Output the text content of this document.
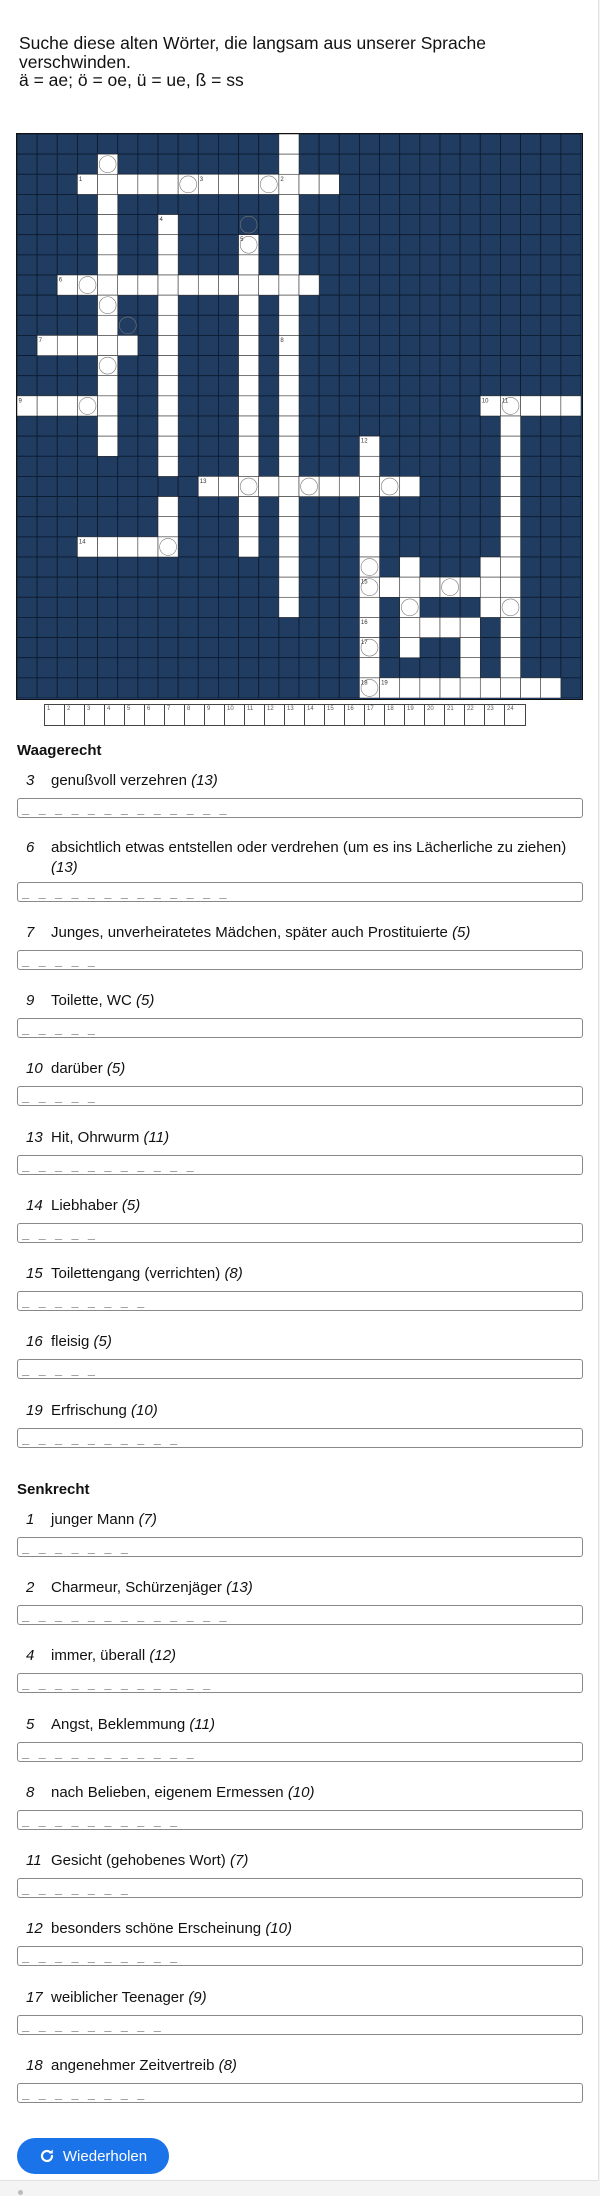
Suche diese alten Wörter, die langsam aus unserer Sprache verschwinden.
ä = ae; ö = oe, ü = ue, ß = ss

1	2
3
4
5
6
7	8
9	10 11
12
13
14
15
16
17
18 19
1	2	3	4	5	6	7	8	9	10	11	12	13	14	15	16	17	18	19	20	21	22	23	24
Waagerecht
3 genußvoll verzehren (13)
_ _ _ _ _ _ _ _ _ _ _ _ _
6 absichtlich etwas entstellen oder verdrehen (um es ins Lächerliche zu ziehen) (13)
_ _ _ _ _ _ _ _ _ _ _ _ _
7 Junges, unverheiratetes Mädchen, später auch Prostituierte (5)
_ _ _ _ _
9 Toilette, WC (5)
_ _ _ _ _
10 darüber (5)
_ _ _ _ _
13 Hit, Ohrwurm (11)
_ _ _ _ _ _ _ _ _ _ _
14 Liebhaber (5)
_ _ _ _ _
15 Toilettengang (verrichten) (8)
_ _ _ _ _ _ _ _
16 fleisig (5)
_ _ _ _ _
19 Erfrischung (10)
_ _ _ _ _ _ _ _ _ _
Senkrecht
1 junger Mann (7)
_ _ _ _ _ _ _
2 Charmeur, Schürzenjäger (13)
_ _ _ _ _ _ _ _ _ _ _ _ _
4 immer, überall (12)
_ _ _ _ _ _ _ _ _ _ _ _
5 Angst, Beklemmung (11)
_ _ _ _ _ _ _ _ _ _ _
8 nach Belieben, eigenem Ermessen (10)
_ _ _ _ _ _ _ _ _ _
11 Gesicht (gehobenes Wort) (7)
_ _ _ _ _ _ _
12 besonders schöne Erscheinung (10)
_ _ _ _ _ _ _ _ _ _
17 weiblicher Teenager (9)
_ _ _ _ _ _ _ _ _
18 angenehmer Zeitvertreib (8)
_ _ _ _ _ _ _ _
Wiederholen
